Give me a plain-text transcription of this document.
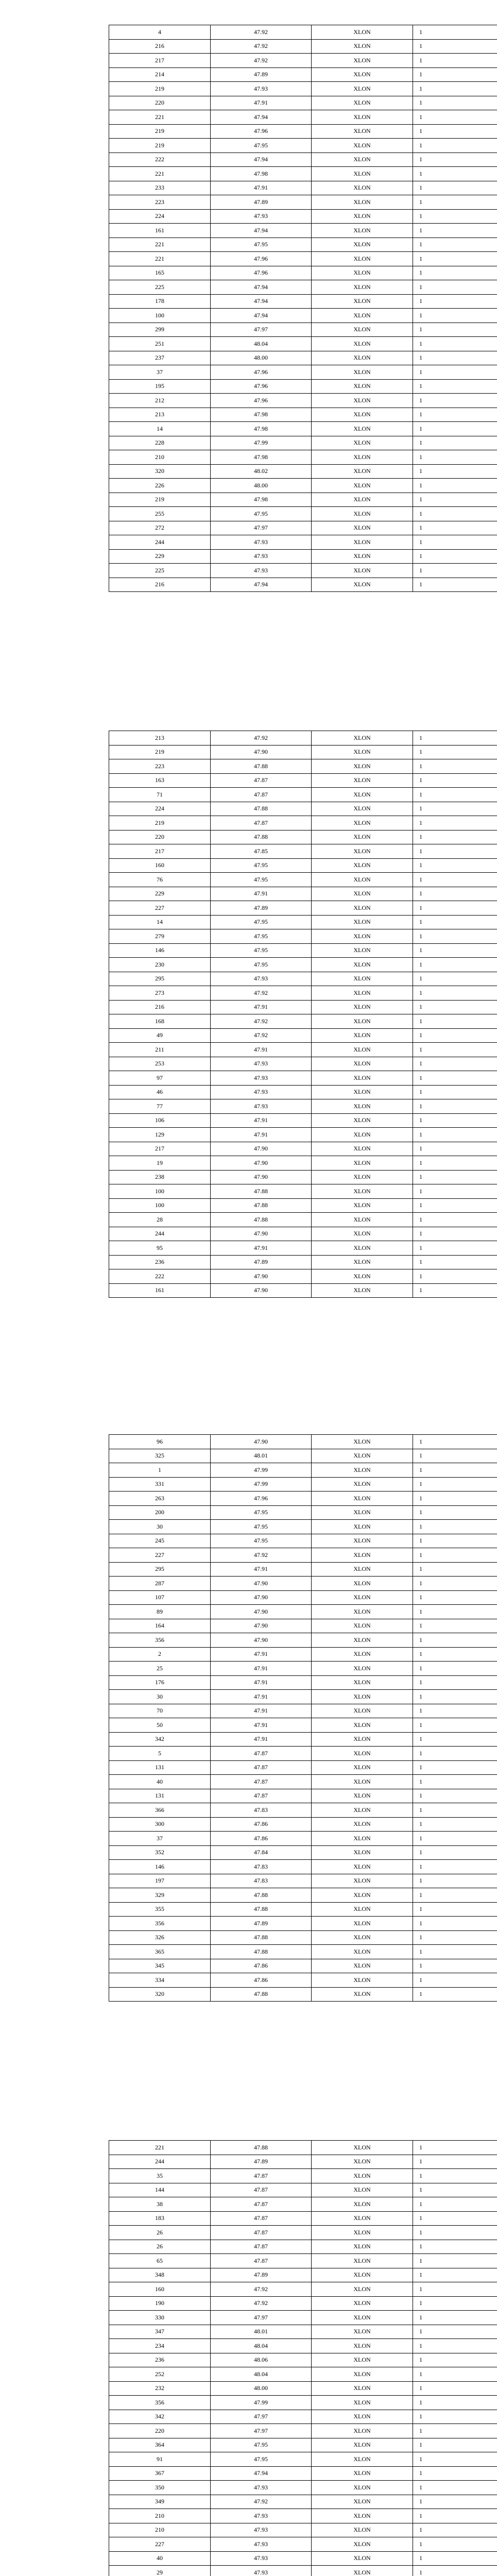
4	47.92	XLON	1
216	47.92	XLON	1
217	47.92	XLON	1
214	47.89	XLON	1
219	47.93	XLON	1
220	47.91	XLON	1
221	47.94	XLON	1
219	47.96	XLON	1
219	47.95	XLON	1
222	47.94	XLON	1
221	47.98	XLON	1
233	47.91	XLON	1
223	47.89	XLON	1
224	47.93	XLON	1
161	47.94	XLON	1
221	47.95	XLON	1
221	47.96	XLON	1
165	47.96	XLON	1
225	47.94	XLON	1
178	47.94	XLON	1
100	47.94	XLON	1
299	47.97	XLON	1
251	48.04	XLON	1
237	48.00	XLON	1
37	47.96	XLON	1
195	47.96	XLON	1
212	47.96	XLON	1
213	47.98	XLON	1
14	47.98	XLON	1
228	47.99	XLON	1
210	47.98	XLON	1
320	48.02	XLON	1
226	48.00	XLON	1
219	47.98	XLON	1
255	47.95	XLON	1
272	47.97	XLON	1
244	47.93	XLON	1
229	47.93	XLON	1
225	47.93	XLON	1
216	47.94	XLON	1
213	47.92	XLON	1
219	47.90	XLON	1
223	47.88	XLON	1
163	47.87	XLON	1
71	47.87	XLON	1
224	47.88	XLON	1
219	47.87	XLON	1
220	47.88	XLON	1
217	47.85	XLON	1
160	47.95	XLON	1
76	47.95	XLON	1
229	47.91	XLON	1
227	47.89	XLON	1
14	47.95	XLON	1
279	47.95	XLON	1
146	47.95	XLON	1
230	47.95	XLON	1
295	47.93	XLON	1
273	47.92	XLON	1
216	47.91	XLON	1
168	47.92	XLON	1
49	47.92	XLON	1
211	47.91	XLON	1
253	47.93	XLON	1
97	47.93	XLON	1
46	47.93	XLON	1
77	47.93	XLON	1
106	47.91	XLON	1
129	47.91	XLON	1
217	47.90	XLON	1
19	47.90	XLON	1
238	47.90	XLON	1
100	47.88	XLON	1
100	47.88	XLON	1
28	47.88	XLON	1
244	47.90	XLON	1
95	47.91	XLON	1
236	47.89	XLON	1
222	47.90	XLON	1
161	47.90	XLON	1
96	47.90	XLON	1
325	48.01	XLON	1
1	47.99	XLON	1
331	47.99	XLON	1
263	47.96	XLON	1
200	47.95	XLON	1
30	47.95	XLON	1
245	47.95	XLON	1
227	47.92	XLON	1
295	47.91	XLON	1
287	47.90	XLON	1
107	47.90	XLON	1
89	47.90	XLON	1
164	47.90	XLON	1
356	47.90	XLON	1
2	47.91	XLON	1
25	47.91	XLON	1
176	47.91	XLON	1
30	47.91	XLON	1
70	47.91	XLON	1
50	47.91	XLON	1
342	47.91	XLON	1
5	47.87	XLON	1
131	47.87	XLON	1
40	47.87	XLON	1
131	47.87	XLON	1
366	47.83	XLON	1
300	47.86	XLON	1
37	47.86	XLON	1
352	47.84	XLON	1
146	47.83	XLON	1
197	47.83	XLON	1
329	47.88	XLON	1
355	47.88	XLON	1
356	47.89	XLON	1
326	47.88	XLON	1
365	47.88	XLON	1
345	47.86	XLON	1
334	47.86	XLON	1
320	47.88	XLON	1
221	47.88	XLON	1
244	47.89	XLON	1
35	47.87	XLON	1
144	47.87	XLON	1
38	47.87	XLON	1
183	47.87	XLON	1
26	47.87	XLON	1
26	47.87	XLON	1
65	47.87	XLON	1
348	47.89	XLON	1
160	47.92	XLON	1
190	47.92	XLON	1
330	47.97	XLON	1
347	48.01	XLON	1
234	48.04	XLON	1
236	48.06	XLON	1
252	48.04	XLON	1
232	48.00	XLON	1
356	47.99	XLON	1
342	47.97	XLON	1
220	47.97	XLON	1
364	47.95	XLON	1
91	47.95	XLON	1
367	47.94	XLON	1
350	47.93	XLON	1
349	47.92	XLON	1
210	47.93	XLON	1
210	47.93	XLON	1
227	47.93	XLON	1
40	47.93	XLON	1
29	47.93	XLON	1
